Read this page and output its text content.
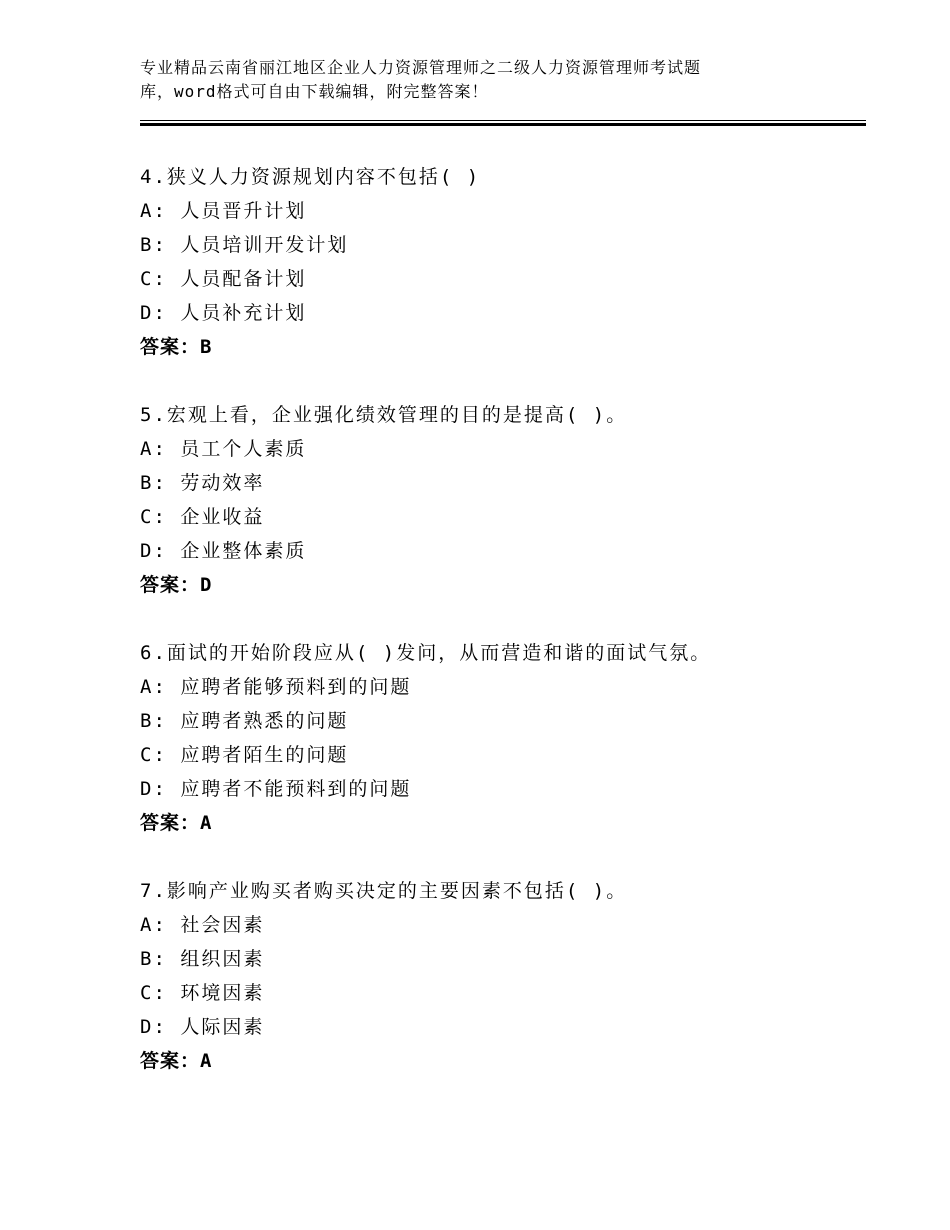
专业精品云南省丽江地区企业人力资源管理师之二级人力资源管理师考试题
库，word格式可自由下载编辑，附完整答案！
4.狭义人力资源规划内容不包括( )
A: 人员晋升计划
B: 人员培训开发计划
C: 人员配备计划
D: 人员补充计划
答案：B
5.宏观上看，企业强化绩效管理的目的是提高( )。
A: 员工个人素质
B: 劳动效率
C: 企业收益
D: 企业整体素质
答案：D
6.面试的开始阶段应从( )发问，从而营造和谐的面试气氛。
A: 应聘者能够预料到的问题
B: 应聘者熟悉的问题
C: 应聘者陌生的问题
D: 应聘者不能预料到的问题
答案：A
7.影响产业购买者购买决定的主要因素不包括( )。
A: 社会因素
B: 组织因素
C: 环境因素
D: 人际因素
答案：A
